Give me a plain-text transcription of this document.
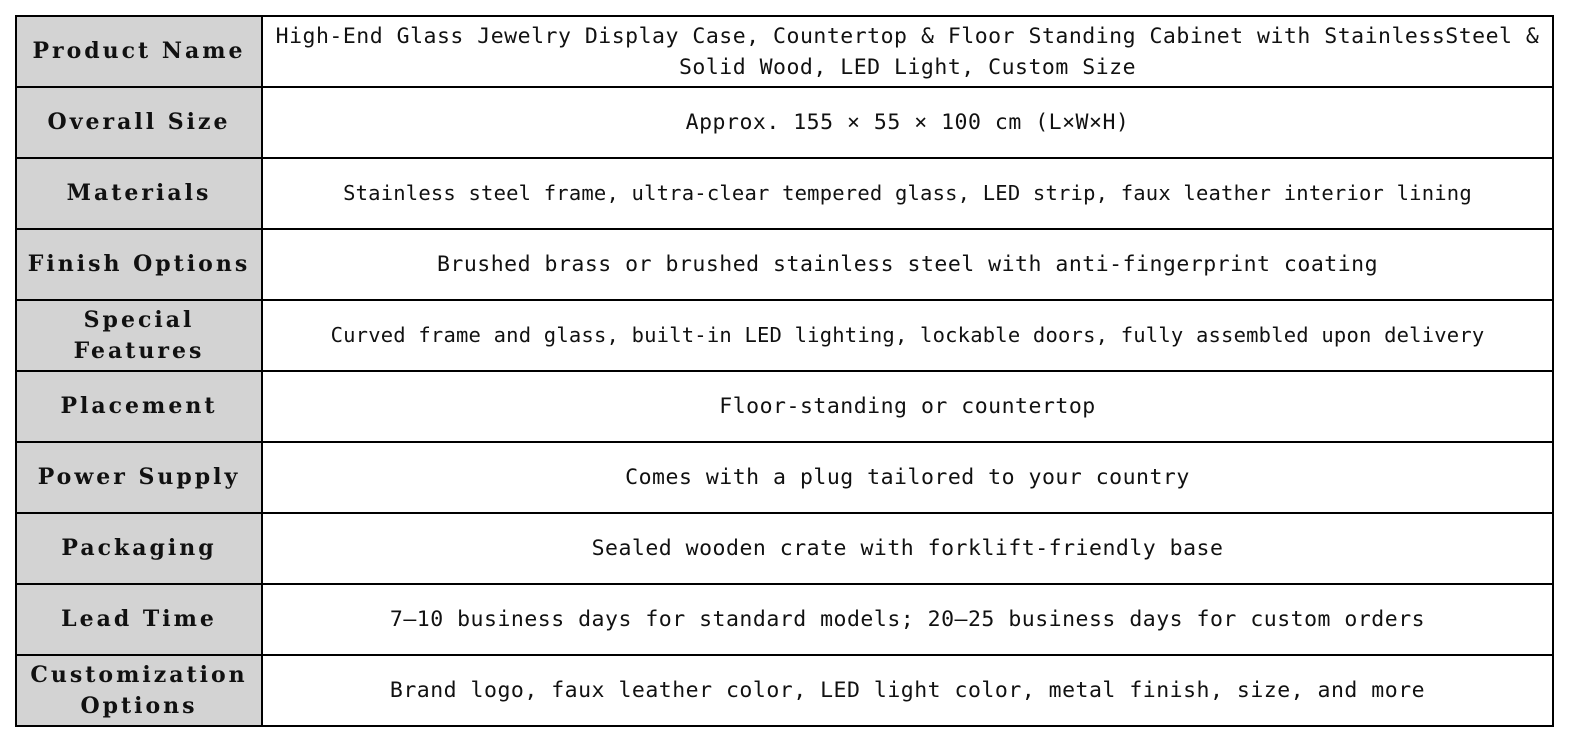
Product Name	High-End Glass Jewelry Display Case, Countertop & Floor Standing Cabinet with StainlessSteel & Solid Wood, LED Light, Custom Size
Overall Size	Approx. 155 × 55 × 100 cm (L×W×H)
Materials	Stainless steel frame, ultra-clear tempered glass, LED strip, faux leather interior lining
Finish Options	Brushed brass or brushed stainless steel with anti-fingerprint coating
Special Features	Curved frame and glass, built-in LED lighting, lockable doors, fully assembled upon delivery
Placement	Floor-standing or countertop
Power Supply	Comes with a plug tailored to your country
Packaging	Sealed wooden crate with forklift-friendly base
Lead Time	7–10 business days for standard models; 20–25 business days for custom orders
Customization Options	Brand logo, faux leather color, LED light color, metal finish, size, and more
